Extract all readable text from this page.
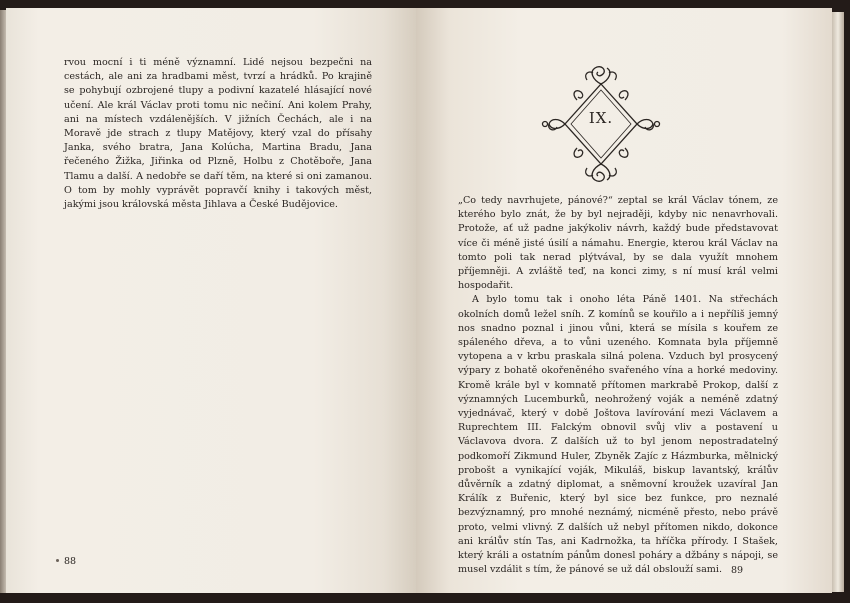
rvou mocní i ti méně významní. Lidé nejsou bezpečni na cestách, ale ani za hradbami měst, tvrzí a hrádků. Po krajině se pohybují ozbrojené tlupy a podivní kazatelé hlásající nové učení. Ale král Václav proti tomu nic nečiní. Ani kolem Prahy, ani na místech vzdálenějších. V jižních Čechách, ale i na Moravě jde strach z tlupy Matějovy, který vzal do přísahy Janka, svého bratra, Jana Kolúcha, Martina Bradu, Jana řečeného Žižka, Jiřinka od Plzně, Holbu z Chotěboře, Jana Tlamu a další. A nedobře se daří těm, na které si oni zamanou. O tom by mohly vyprávět popravčí knihy i takových měst, jakými jsou královská města Jihlava a České Budějovice.

88
IX.

„Co tedy navrhujete, pánové?“ zeptal se král Václav tónem, ze kterého bylo znát, že by byl nejraději, kdyby nic nenavrhovali. Protože, ať už padne jakýkoliv návrh, každý bude představovat více či méně jisté úsilí a námahu. Energie, kterou král Václav na tomto poli tak nerad plýtvával, by se dala využít mnohem příjemněji. A zvláště teď, na konci zimy, s ní musí král velmi hospodařit.

A bylo tomu tak i onoho léta Páně 1401. Na střechách okolních domů ležel sníh. Z komínů se kouřilo a i nepříliš jemný nos snadno poznal i jinou vůni, která se mísila s kouřem ze spáleného dřeva, a to vůni uzeného. Komnata byla příjemně vytopena a v krbu praskala silná polena. Vzduch byl prosycený výpary z bohatě okořeněného svařeného vína a horké medoviny. Kromě krále byl v komnatě přítomen markrabě Prokop, další z významných Lucemburků, neohrožený voják a neméně zdatný vyjednávač, který v době Joštova lavírování mezi Václavem a Ruprechtem III. Falckým obnovil svůj vliv a postavení u Václavova dvora. Z dalších už to byl jenom nepostradatelný podkomoří Zikmund Huler, Zbyněk Zajíc z Házmburka, mělnický probošt a vynikající voják, Mikuláš, biskup lavantský, králův důvěrník a zdatný diplomat, a sněmovní kroužek uzavíral Jan Králík z Buřenic, který byl sice bez funkce, pro neznalé bezvýznamný, pro mnohé neznámý, nicméně přesto, nebo právě proto, velmi vlivný. Z dalších už nebyl přítomen nikdo, dokonce ani králův stín Tas, ani Kadrnožka, ta hříčka přírody. I Stašek, který králi a ostatním pánům donesl poháry a džbány s nápoji, se musel vzdálit s tím, že pánové se už dál obslouží sami. 89
